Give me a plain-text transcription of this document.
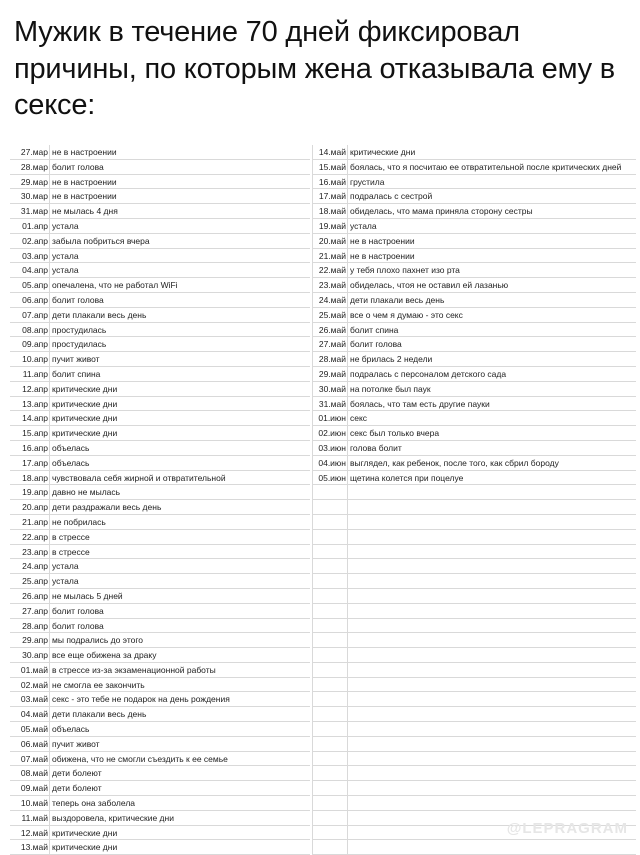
Мужик в течение 70 дней фиксировал причины, по которым жена отказывала ему в сексе:
27.мар не в настроении
28.мар болит голова
29.мар не в настроении
30.мар не в настроении
31.мар не мылась 4 дня
01.апр устала
02.апр забыла побриться вчера
03.апр устала
04.апр устала
05.апр опечалена, что не работал WiFi
06.апр болит голова
07.апр дети плакали весь день
08.апр простудилась
09.апр простудилась
10.апр пучит живот
11.апр болит спина
12.апр критические дни
13.апр критические дни
14.апр критические дни
15.апр критические дни
16.апр объелась
17.апр объелась
18.апр чувствовала себя жирной и отвратительной
19.апр давно не мылась
20.апр дети раздражали весь день
21.апр не побрилась
22.апр в стрессе
23.апр в стрессе
24.апр устала
25.апр устала
26.апр не мылась 5 дней
27.апр болит голова
28.апр болит голова
29.апр мы подрались до этого
30.апр все еще обижена за драку
01.май в стрессе из-за экзаменационной работы
02.май не смогла ее закончить
03.май секс - это тебе не подарок на день рождения
04.май дети плакали весь день
05.май объелась
06.май пучит живот
07.май обижена, что не смогли съездить к ее семье
08.май дети болеют
09.май дети болеют
10.май теперь она заболела
11.май выздоровела, критические дни
12.май критические дни
13.май критические дни
14.май критические дни
15.май боялась, что я посчитаю ее отвратительной после критических дней
16.май грустила
17.май подралась с сестрой
18.май обиделась, что мама приняла сторону сестры
19.май устала
20.май не в настроении
21.май не в настроении
22.май у тебя плохо пахнет изо рта
23.май обиделась, чтоя не оставил ей лазанью
24.май дети плакали весь день
25.май все о чем я думаю - это секс
26.май болит спина
27.май болит голова
28.май не брилась 2 недели
29.май подралась с персоналом детского сада
30.май на потолке был паук
31.май боялась, что там есть другие пауки
01.июн секс
02.июн секс был только вчера
03.июн голова болит
04.июн выглядел, как ребенок, после того, как сбрил бороду
05.июн щетина колется при поцелуе
@LEPRAGRAM
